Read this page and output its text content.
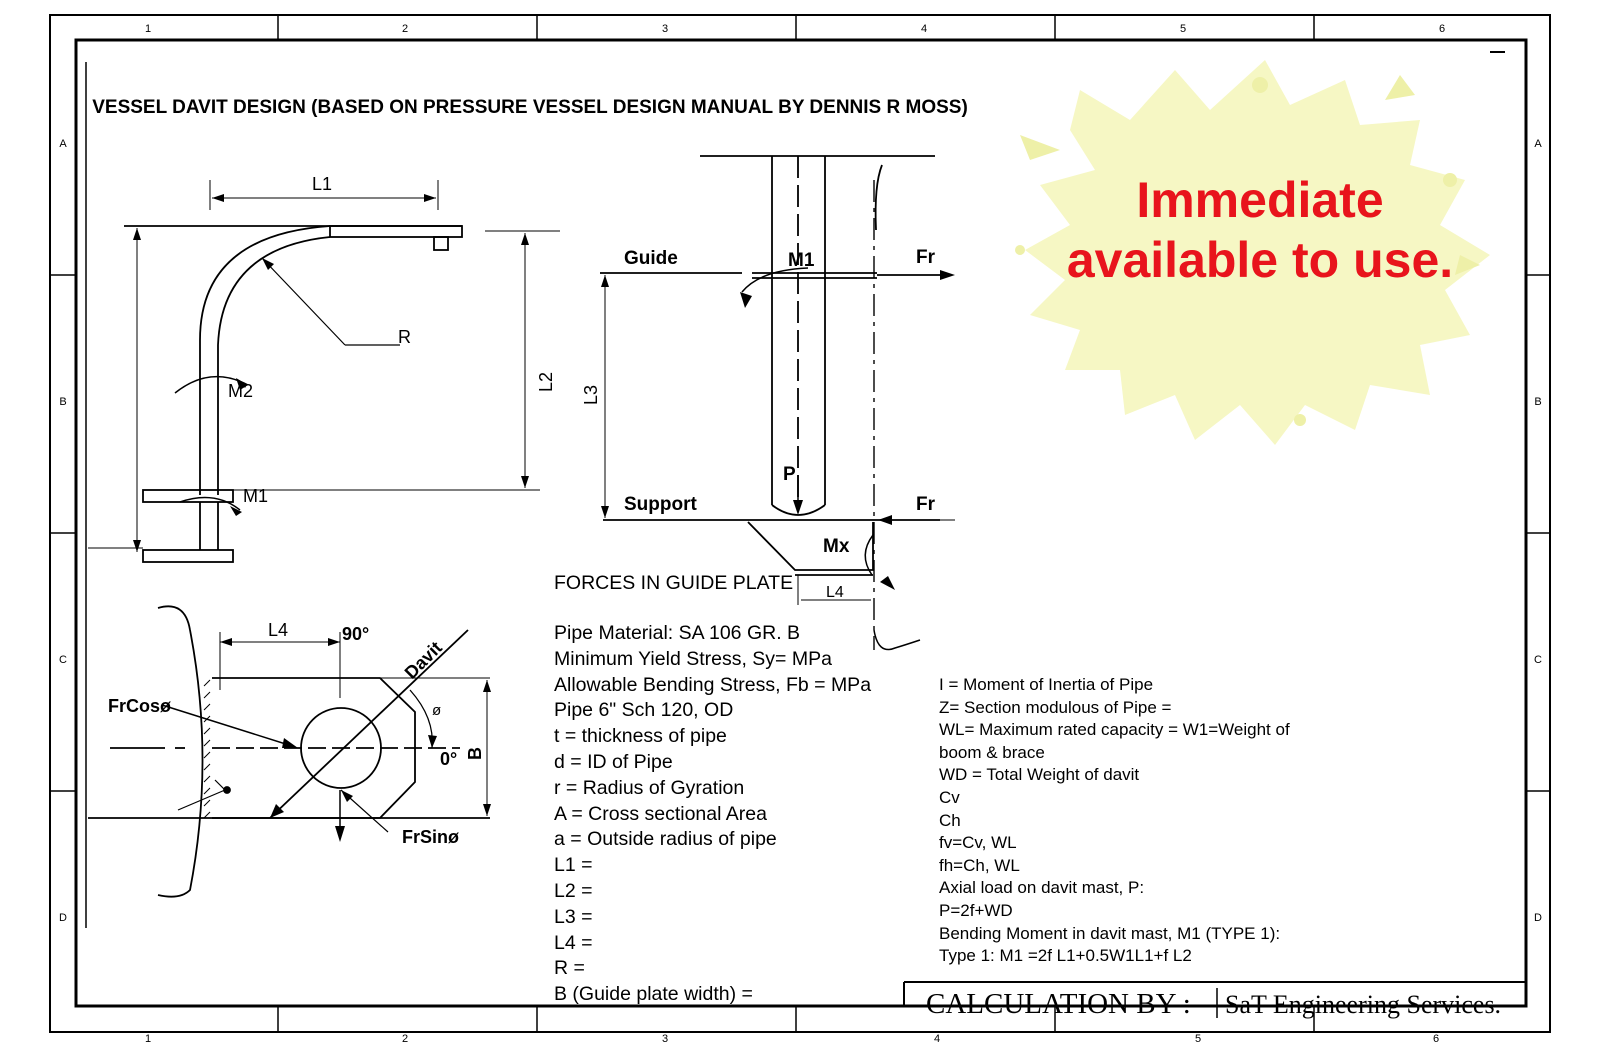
1	2	3	4	5	6
1	2	3	4	5	6
A
B
C
D
A
B
C
D
L1
R
M2
M1
L2
Guide
Support
M1	Fr
Fr
P
Mx
L4
L3
L4	90°
Davit
ø
0° B
FrCosø
FrSinø
VESSEL DAVIT DESIGN (BASED ON PRESSURE VESSEL DESIGN MANUAL BY DENNIS R MOSS)
FORCES IN GUIDE PLATE
Pipe Material: SA 106 GR. B
Minimum Yield Stress, Sy= MPa
Allowable Bending Stress, Fb = MPa
Pipe 6" Sch 120, OD
t = thickness of pipe
d = ID of Pipe
r = Radius of Gyration
A = Cross sectional Area
a = Outside radius of pipe
L1 =
L2 =
L3 =
L4 =
R =
B (Guide plate width) =
I = Moment of Inertia of Pipe
Z= Section modulous of Pipe =
WL= Maximum rated capacity = W1=Weight of
boom & brace
WD = Total Weight of davit
Cv
Ch
fv=Cv, WL
fh=Ch, WL
Axial load on davit mast, P:
P=2f+WD
Bending Moment in davit mast, M1 (TYPE 1):
Type 1: M1 =2f L1+0.5W1L1+f L2
CALCULATION BY : SaT Engineering Services.
Immediate available to use.
